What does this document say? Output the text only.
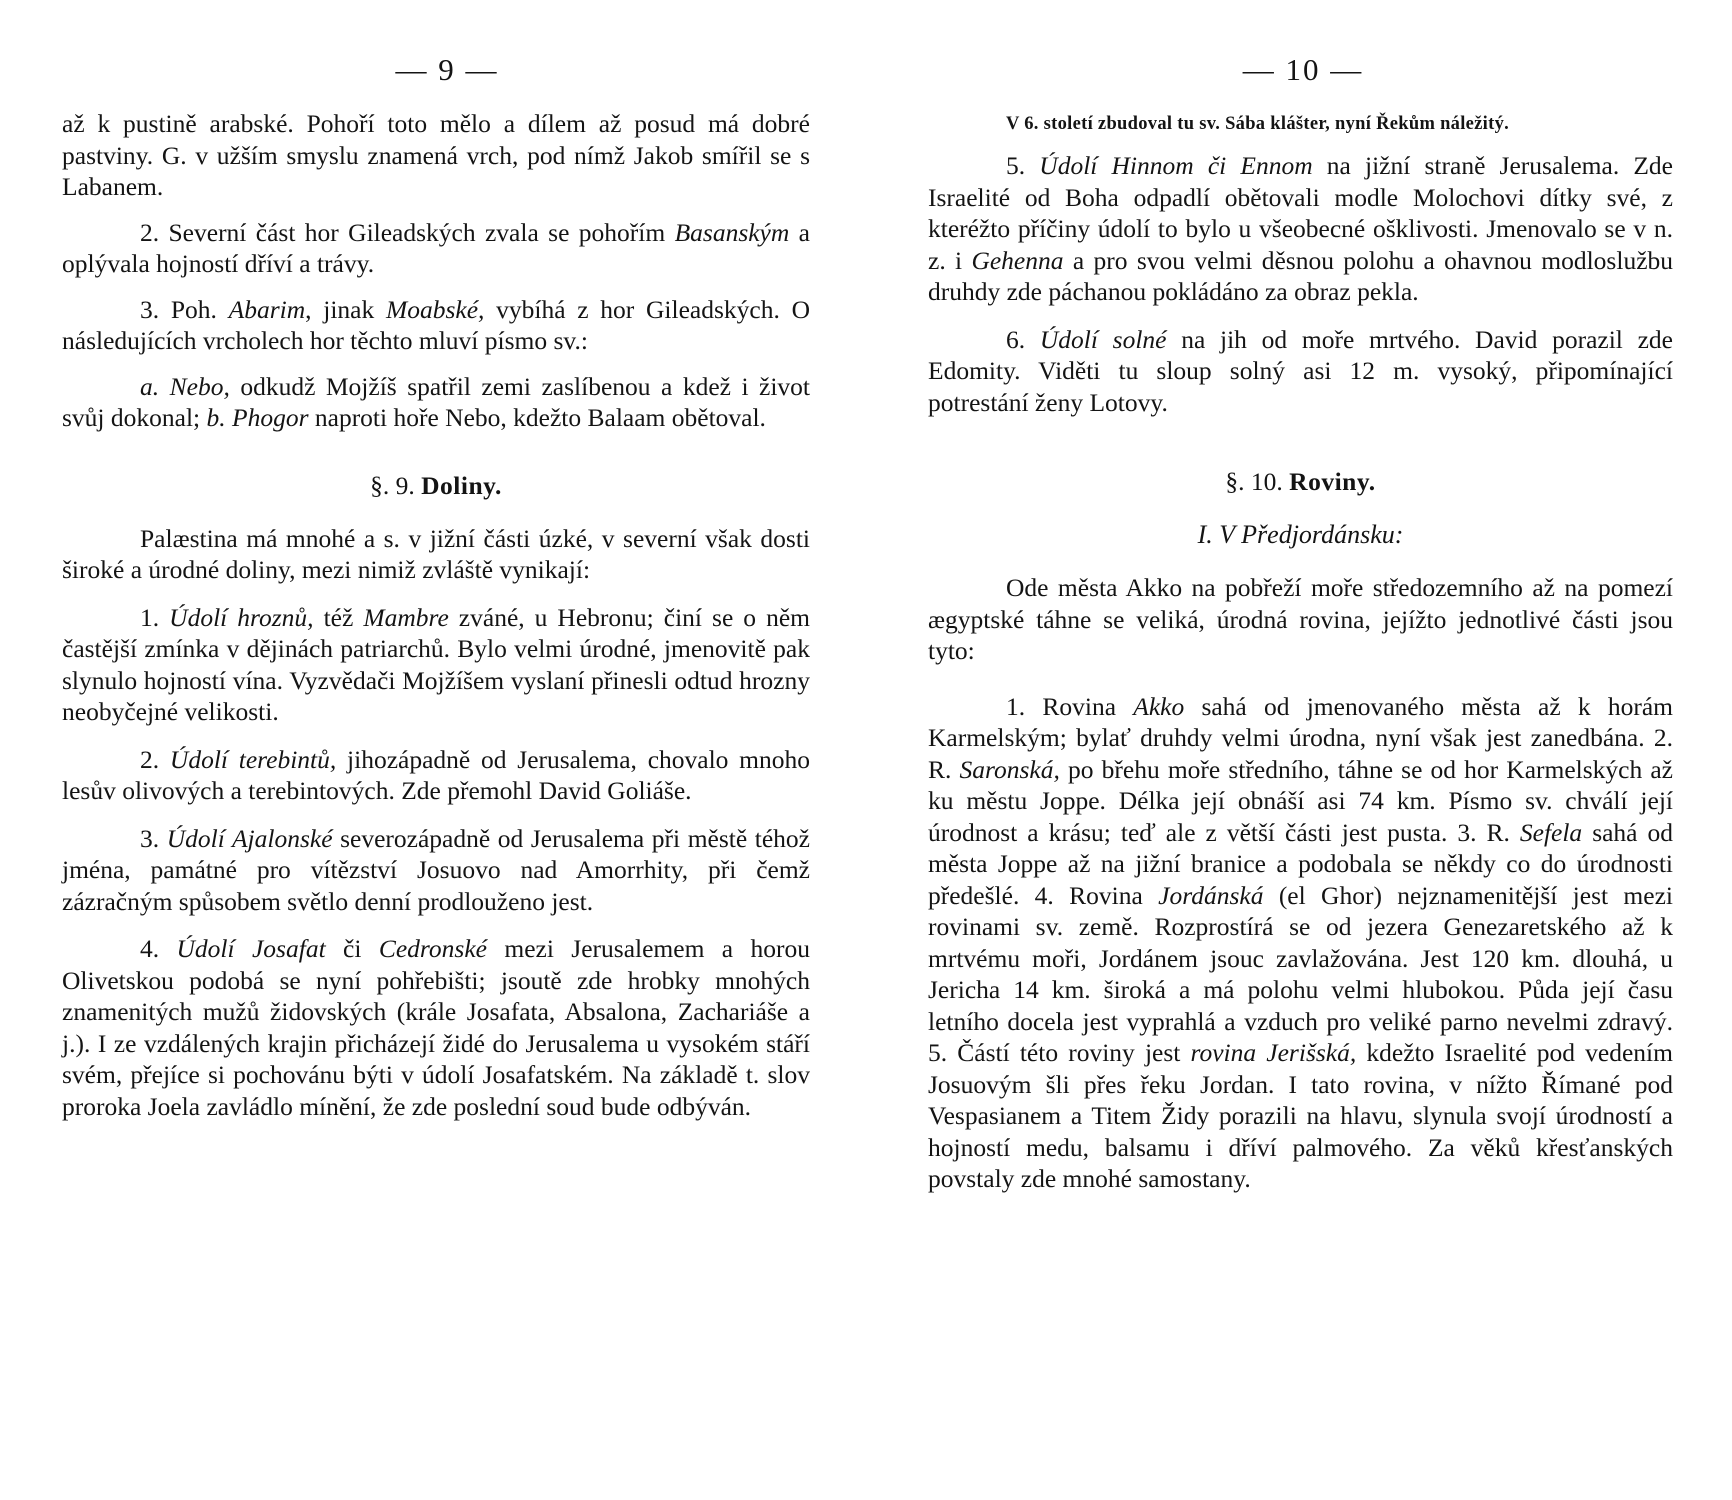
— 9 —

až k pustině arabské. Pohoří toto mělo a dílem až posud má dobré pastviny. G. v užším smyslu znamená vrch, pod nímž Jakob smířil se s Labanem.

2. Severní část hor Gileadských zvala se pohořím Basanským a oplývala hojností dříví a trávy.

3. Poh. Abarim, jinak Moabské, vybíhá z hor Gileadských. O následujících vrcholech hor těchto mluví písmo sv.:

a. Nebo, odkudž Mojžíš spatřil zemi zaslíbenou a kdež i život svůj dokonal; b. Phogor naproti hoře Nebo, kdežto Balaam obětoval.

§. 9. Doliny.

Palæstina má mnohé a s. v jižní části úzké, v severní však dosti široké a úrodné doliny, mezi nimiž zvláště vynikají:

1. Údolí hroznů, též Mambre zváné, u Hebronu; činí se o něm častější zmínka v dějinách patriarchů. Bylo velmi úrodné, jmenovitě pak slynulo hojností vína. Vyzvědači Mojžíšem vyslaní přinesli odtud hrozny neobyčejné velikosti.

2. Údolí terebintů, jihozápadně od Jerusalema, chovalo mnoho lesův olivových a terebintových. Zde přemohl David Goliáše.

3. Údolí Ajalonské severozápadně od Jerusalema při městě téhož jména, památné pro vítězství Josuovo nad Amorrhity, při čemž zázračným spůsobem světlo denní prodlouženo jest.

4. Údolí Josafat či Cedronské mezi Jerusalemem a horou Olivetskou podobá se nyní pohřebišti; jsoutě zde hrobky mnohých znamenitých mužů židovských (krále Josafata, Absalona, Zachariáše a j.). I ze vzdálených krajin přicházejí židé do Jerusalema u vysokém stáří svém, přejíce si pochovánu býti v údolí Josafatském. Na základě t. slov proroka Joela zavládlo mínění, že zde poslední soud bude odbýván.

— 10 —

V 6. století zbudoval tu sv. Sába klášter, nyní Řekům náležitý.

5. Údolí Hinnom či Ennom na jižní straně Jerusalema. Zde Israelité od Boha odpadlí obětovali modle Molochovi dítky své, z kteréžto příčiny údolí to bylo u všeobecné ošklivosti. Jmenovalo se v n. z. i Gehenna a pro svou velmi děsnou polohu a ohavnou modloslužbu druhdy zde páchanou pokládáno za obraz pekla.

6. Údolí solné na jih od moře mrtvého. David porazil zde Edomity. Viděti tu sloup solný asi 12 m. vysoký, připomínající potrestání ženy Lotovy.

§. 10. Roviny.

I. V Předjordánsku:

Ode města Akko na pobřeží moře středozemního až na pomezí ægyptské táhne se veliká, úrodná rovina, jejížto jednotlivé části jsou tyto:

1. Rovina Akko sahá od jmenovaného města až k horám Karmelským; bylať druhdy velmi úrodna, nyní však jest zanedbána. 2. R. Saronská, po břehu moře středního, táhne se od hor Karmelských až ku městu Joppe. Délka její obnáší asi 74 km. Písmo sv. chválí její úrodnost a krásu; teď ale z větší části jest pusta. 3. R. Sefela sahá od města Joppe až na jižní branice a podobala se někdy co do úrodnosti předešlé. 4. Rovina Jordánská (el Ghor) nejznamenitější jest mezi rovinami sv. země. Rozprostírá se od jezera Genezaretského až k mrtvému moři, Jordánem jsouc zavlažována. Jest 120 km. dlouhá, u Jericha 14 km. široká a má polohu velmi hlubokou. Půda její času letního docela jest vyprahlá a vzduch pro veliké parno nevelmi zdravý. 5. Částí této roviny jest rovina Jerišská, kdežto Israelité pod vedením Josuovým šli přes řeku Jordan. I tato rovina, v nížto Římané pod Vespasianem a Titem Židy porazili na hlavu, slynula svojí úrodností a hojností medu, balsamu i dříví palmového. Za věků křesťanských povstaly zde mnohé samostany.
